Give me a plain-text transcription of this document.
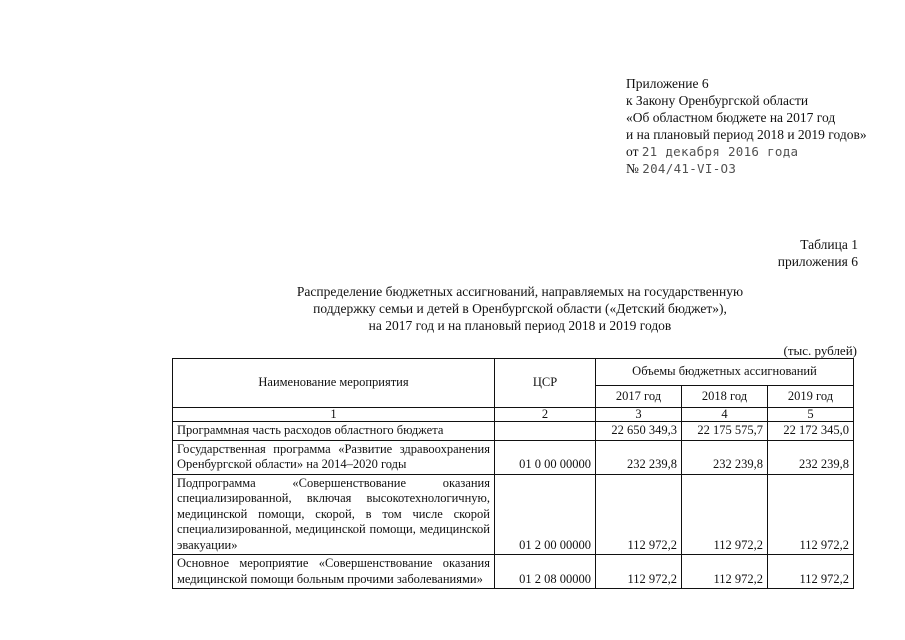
Приложение 6
к Закону Оренбургской области
«Об областном бюджете на 2017 год
и на плановый период 2018 и 2019 годов»
от 21 декабря 2016 года
№ 204/41-VI-ОЗ
Таблица 1
приложения 6
Распределение бюджетных ассигнований, направляемых на государственную
поддержку семьи и детей в Оренбургской области («Детский бюджет»),
на 2017 год и на плановый период 2018 и 2019 годов
(тыс. рублей)
Наименование мероприятия	ЦСР	Объемы бюджетных ассигнований		
		2017 год	2018 год	2019 год
1	2	3	4	5
Программная часть расходов областного бюджета		22 650 349,3	22 175 575,7	22 172 345,0
Государственная программа «Развитие здравоохранения Оренбургской области» на 2014–2020 годы	01 0 00 00000	232 239,8	232 239,8	232 239,8
Подпрограмма «Совершенствование оказания специализированной, включая высокотехнологичную, медицинской помощи, скорой, в том числе скорой специализированной, медицинской помощи, медицинской эвакуации»	01 2 00 00000	112 972,2	112 972,2	112 972,2
Основное мероприятие «Совершенствование оказания медицинской помощи больным прочими заболеваниями»	01 2 08 00000	112 972,2	112 972,2	112 972,2
